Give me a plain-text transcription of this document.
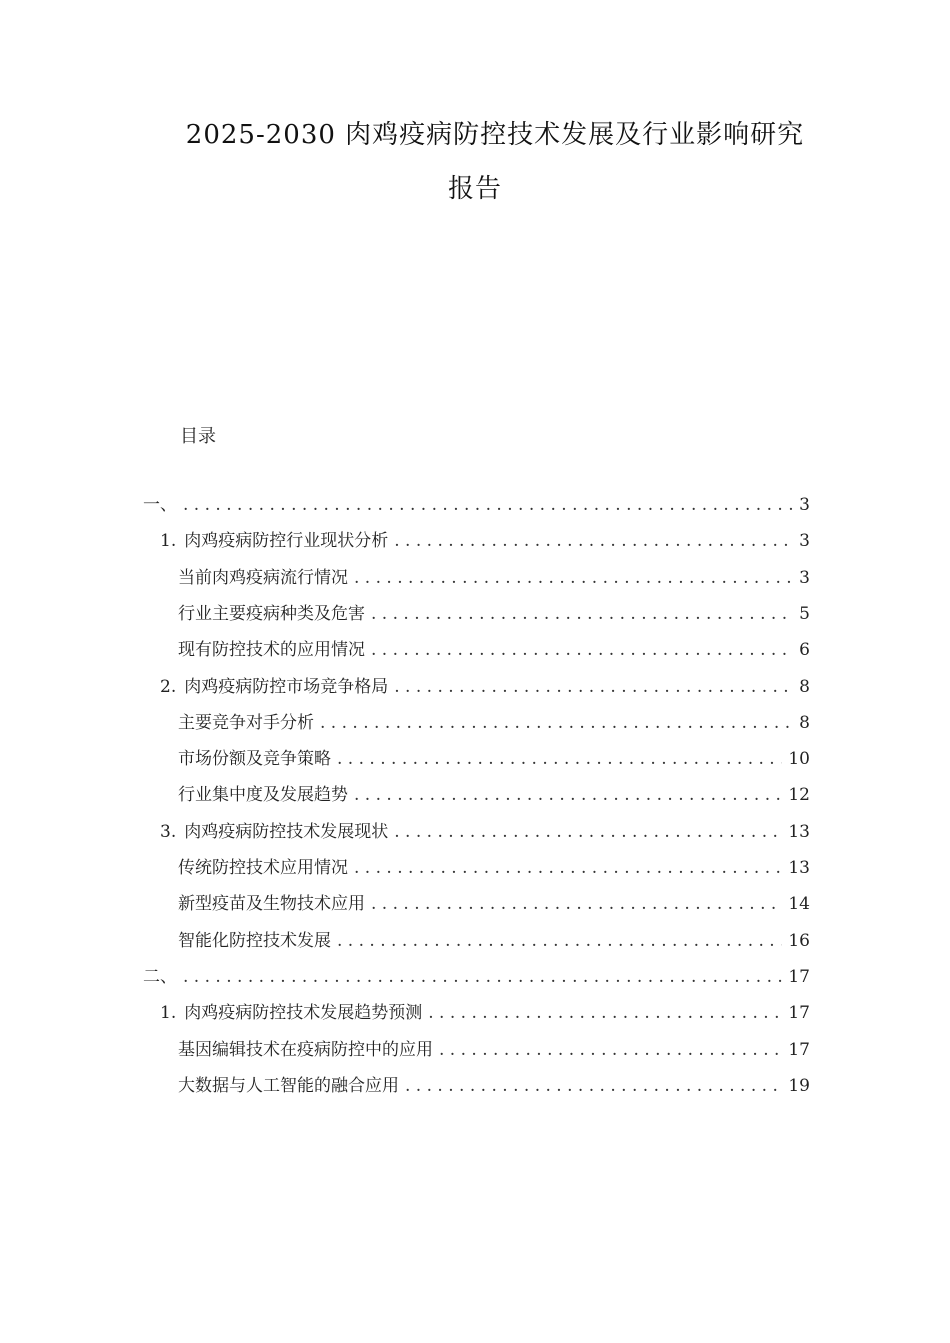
2025-2030 肉鸡疫病防控技术发展及行业影响研究
报告
目录
一、 . . .	3
1. 肉鸡疫病防控行业现状分析 . . .	3
当前肉鸡疫病流行情况 . . .	3
行业主要疫病种类及危害 . . .	5
现有防控技术的应用情况 . . .	6
2. 肉鸡疫病防控市场竞争格局 . . .	8
主要竞争对手分析 . . .	8
市场份额及竞争策略 . . .	10
行业集中度及发展趋势 . . .	12
3. 肉鸡疫病防控技术发展现状 . . .	13
传统防控技术应用情况 . . .	13
新型疫苗及生物技术应用 . . .	14
智能化防控技术发展 . . .	16
二、 . . .	17
1. 肉鸡疫病防控技术发展趋势预测 . . .	17
基因编辑技术在疫病防控中的应用 . . .	17
大数据与人工智能的融合应用 . . .	19
